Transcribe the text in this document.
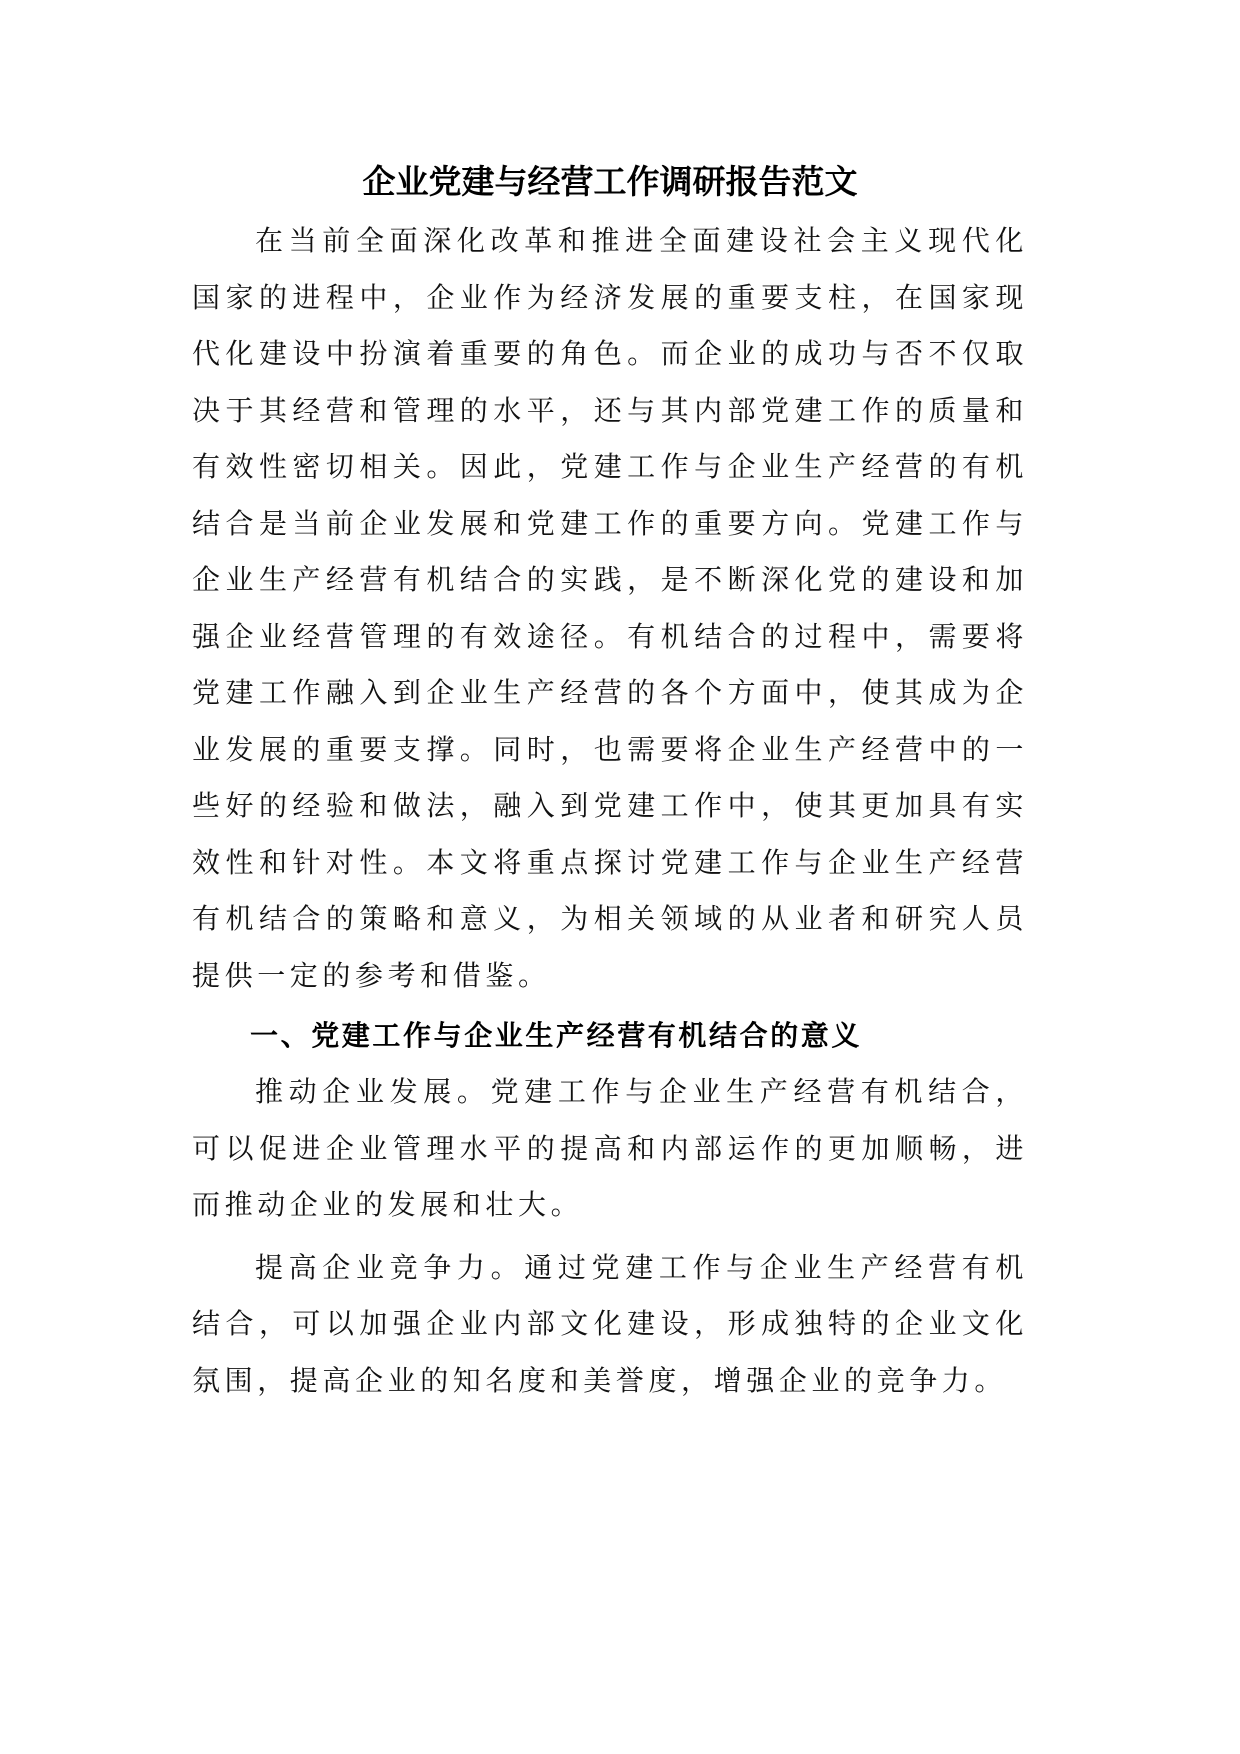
企业党建与经营工作调研报告范文

在当前全面深化改革和推进全面建设社会主义现代化国家的进程中，企业作为经济发展的重要支柱，在国家现代化建设中扮演着重要的角色。而企业的成功与否不仅取决于其经营和管理的水平，还与其内部党建工作的质量和有效性密切相关。因此，党建工作与企业生产经营的有机结合是当前企业发展和党建工作的重要方向。党建工作与企业生产经营有机结合的实践，是不断深化党的建设和加强企业经营管理的有效途径。有机结合的过程中，需要将党建工作融入到企业生产经营的各个方面中，使其成为企业发展的重要支撑。同时，也需要将企业生产经营中的一些好的经验和做法，融入到党建工作中，使其更加具有实效性和针对性。本文将重点探讨党建工作与企业生产经营有机结合的策略和意义，为相关领域的从业者和研究人员提供一定的参考和借鉴。

一、党建工作与企业生产经营有机结合的意义

推动企业发展。党建工作与企业生产经营有机结合，可以促进企业管理水平的提高和内部运作的更加顺畅，进而推动企业的发展和壮大。

提高企业竞争力。通过党建工作与企业生产经营有机结合，可以加强企业内部文化建设，形成独特的企业文化氛围，提高企业的知名度和美誉度，增强企业的竞争力。
